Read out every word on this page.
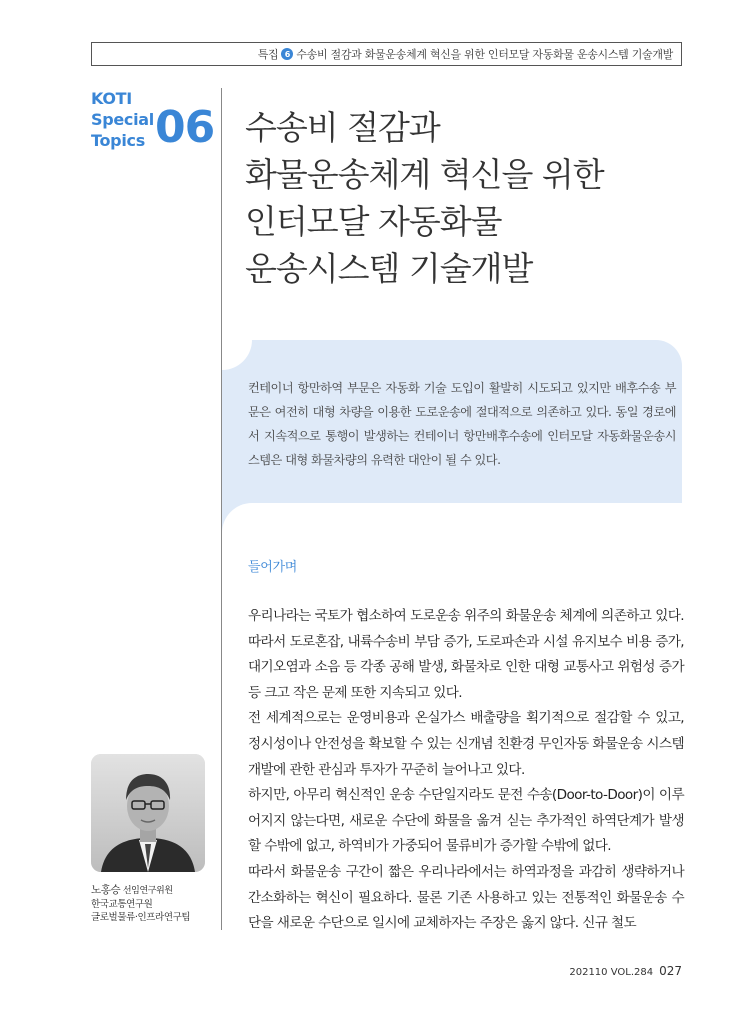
특집 6 수송비 절감과 화물운송체계 혁신을 위한 인터모달 자동화물 운송시스템 기술개발
KOTI
Special
Topics 06 수송비 절감과
화물운송체계 혁신을 위한
인터모달 자동화물
운송시스템 기술개발
컨테이너 항만하역 부문은 자동화 기술 도입이 활발히 시도되고 있지만 배후수송 부문은 여전히 대형 차량을 이용한 도로운송에 절대적으로 의존하고 있다. 동일 경로에서 지속적으로 통행이 발생하는 컨테이너 항만배후수송에 인터모달 자동화물운송시스템은 대형 화물차량의 유력한 대안이 될 수 있다.
들어가며

우리나라는 국토가 협소하여 도로운송 위주의 화물운송 체계에 의존하고 있다. 따라서 도로혼잡, 내륙수송비 부담 증가, 도로파손과 시설 유지보수 비용 증가, 대기오염과 소음 등 각종 공해 발생, 화물차로 인한 대형 교통사고 위험성 증가 등 크고 작은 문제 또한 지속되고 있다.

전 세계적으로는 운영비용과 온실가스 배출량을 획기적으로 절감할 수 있고, 정시성이나 안전성을 확보할 수 있는 신개념 친환경 무인자동 화물운송 시스템 개발에 관한 관심과 투자가 꾸준히 늘어나고 있다.

하지만, 아무리 혁신적인 운송 수단일지라도 문전 수송(Door-to-Door)이 이루어지지 않는다면, 새로운 수단에 화물을 옮겨 싣는 추가적인 하역단계가 발생할 수밖에 없고, 하역비가 가중되어 물류비가 증가할 수밖에 없다.

따라서 화물운송 구간이 짧은 우리나라에서는 하역과정을 과감히 생략하거나 간소화하는 혁신이 필요하다. 물론 기존 사용하고 있는 전통적인 화물운송 수단을 새로운 수단으로 일시에 교체하자는 주장은 옳지 않다. 신규 철도

노홍승 선임연구위원
한국교통연구원
글로벌물류·인프라연구팀
202110 VOL.284 027
